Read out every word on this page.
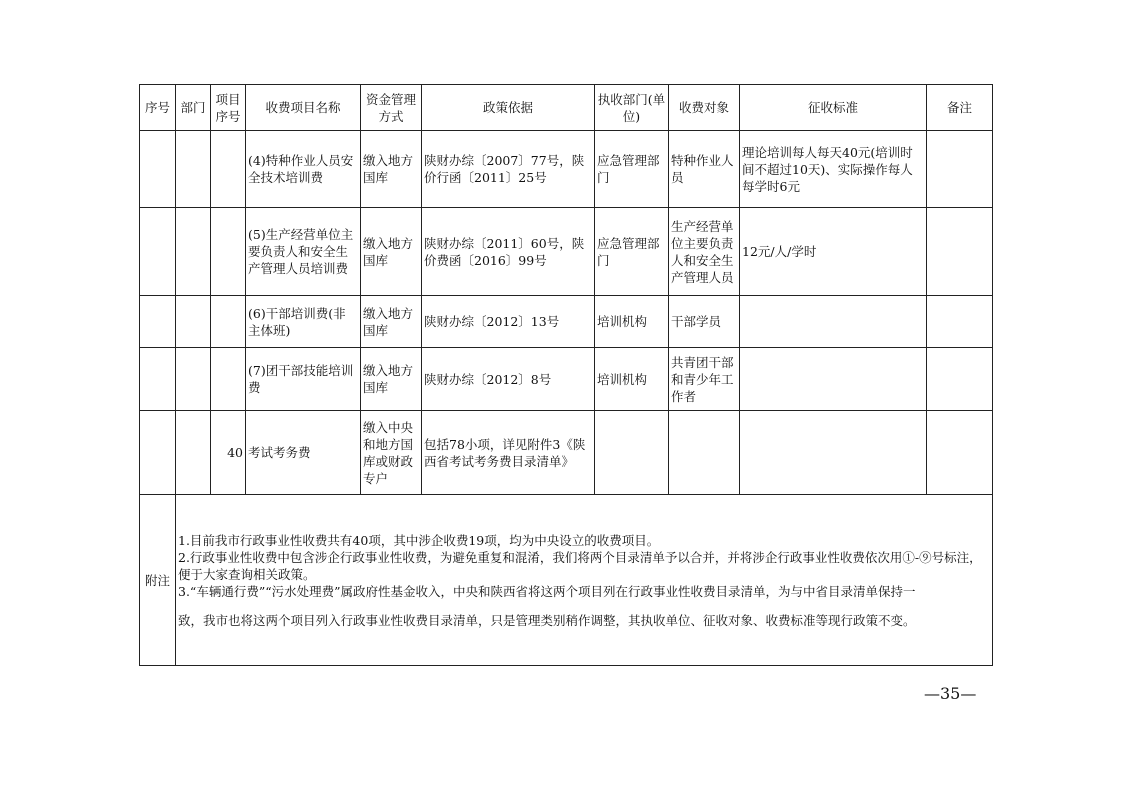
序号	部门	项目序号	收费项目名称	资金管理方式	政策依据	执收部门(单位)	收费对象	征收标准	备注
			(4)特种作业人员安全技术培训费	缴入地方国库	陕财办综〔2007〕77号，陕价行函〔2011〕25号	应急管理部门	特种作业人员	理论培训每人每天40元(培训时间不超过10天)、实际操作每人每学时6元	
			(5)生产经营单位主要负责人和安全生产管理人员培训费	缴入地方国库	陕财办综〔2011〕60号，陕价费函〔2016〕99号	应急管理部门	生产经营单位主要负责人和安全生产管理人员	12元/人/学时	
			(6)干部培训费(非主体班)	缴入地方国库	陕财办综〔2012〕13号	培训机构	干部学员		
			(7)团干部技能培训费	缴入地方国库	陕财办综〔2012〕8号	培训机构	共青团干部和青少年工作者		
		40	考试考务费	缴入中央和地方国库或财政专户	包括78小项，详见附件3《陕西省考试考务费目录清单》				
附注	1.目前我市行政事业性收费共有40项，其中涉企收费19项，均为中央设立的收费项目。

2.行政事业性收费中包含涉企行政事业性收费，为避免重复和混淆，我们将两个目录清单予以合并，并将涉企行政事业性收费依次用①-⑨号标注，便于大家查询相关政策。

3.“车辆通行费”“污水处理费”属政府性基金收入，中央和陕西省将这两个项目列在行政事业性收费目录清单，为与中省目录清单保持一

致，我市也将这两个项目列入行政事业性收费目录清单，只是管理类别稍作调整，其执收单位、征收对象、收费标准等现行政策不变。								

—35—
